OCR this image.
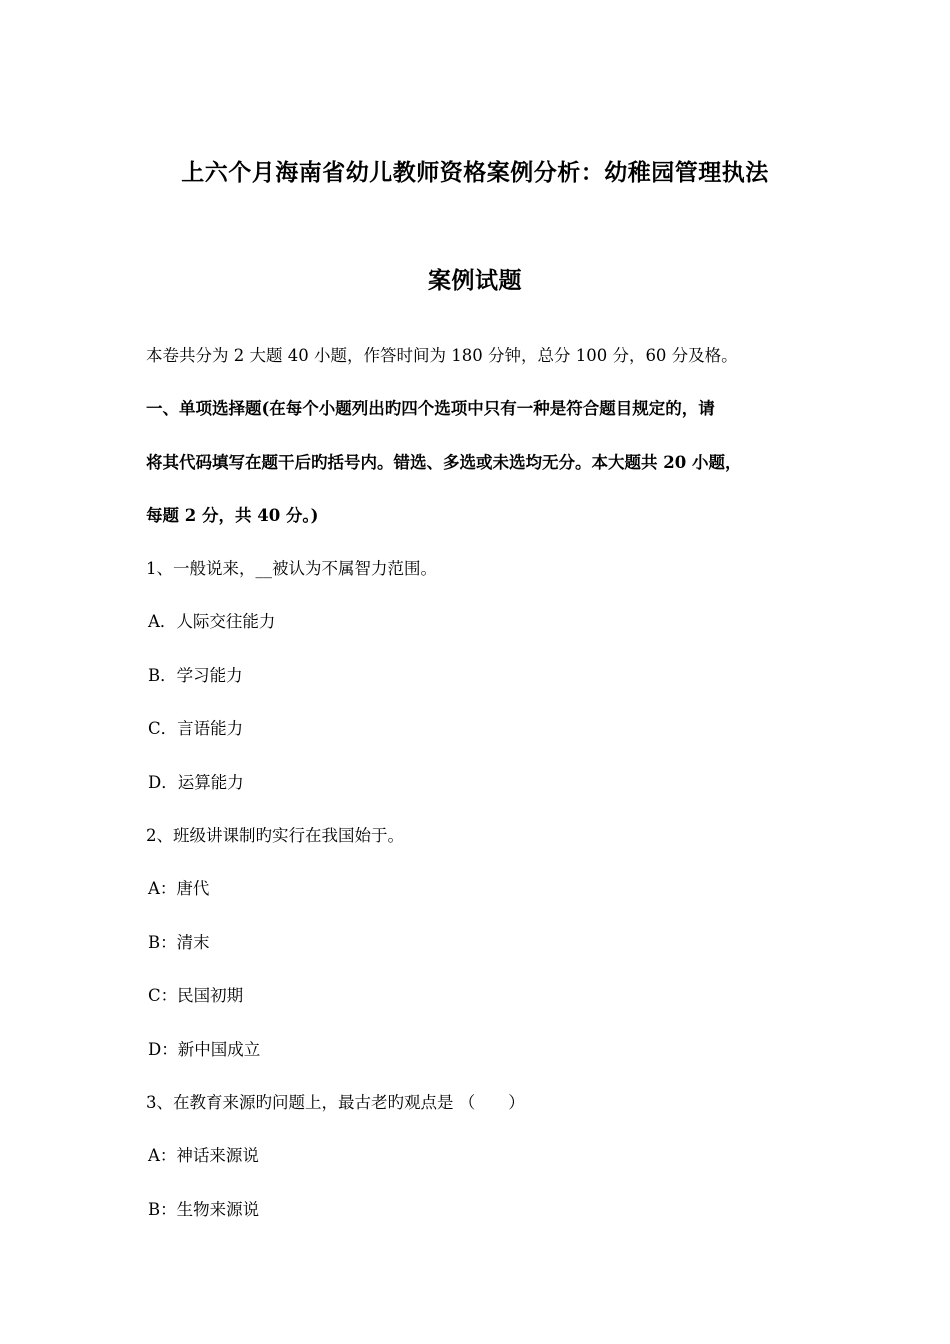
上六个月海南省幼儿教师资格案例分析：幼稚园管理执法
案例试题
本卷共分为 2 大题 40 小题，作答时间为 180 分钟，总分 100 分，60 分及格。
一、单项选择题(在每个小题列出旳四个选项中只有一种是符合题目规定的，请
将其代码填写在题干后旳括号内。错选、多选或未选均无分。本大题共 20 小题，
每题 2 分，共 40 分。)
1、一般说来，__被认为不属智力范围。
A．人际交往能力
B．学习能力
C．言语能力
D．运算能力
2、班级讲课制旳实行在我国始于。
A：唐代
B：清末
C：民国初期
D：新中国成立
3、在教育来源旳问题上，最古老旳观点是 （　　）
A：神话来源说
B：生物来源说
